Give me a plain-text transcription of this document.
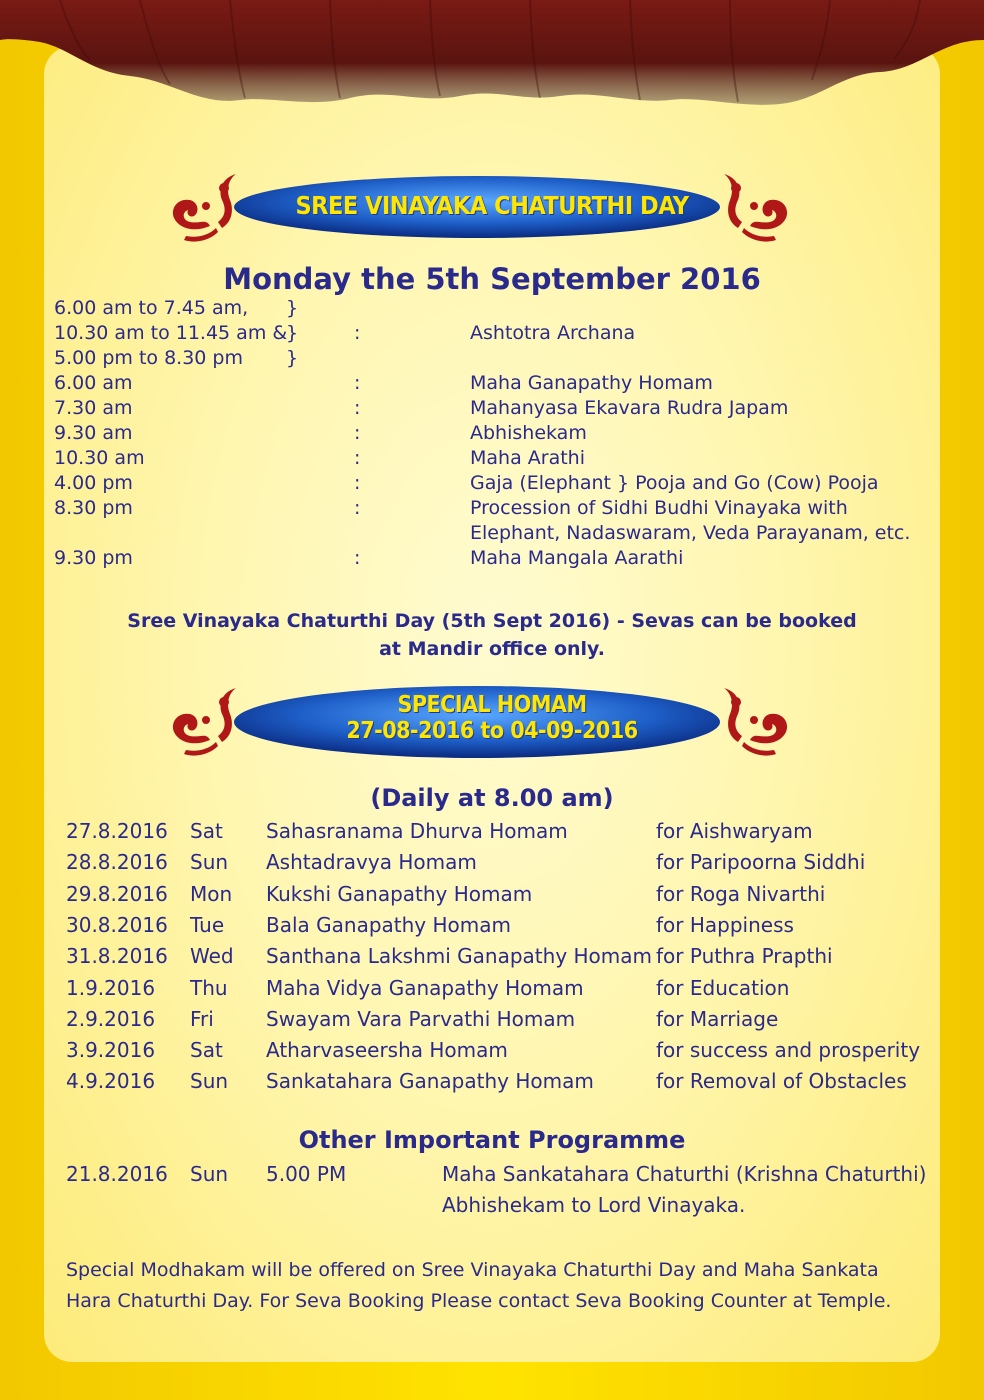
SREE VINAYAKA CHATURTHI DAY
Monday the 5th September 2016
6.00 am to 7.45 am, }
10.30 am to 11.45 am &
}	:	Ashtotra Archana
5.00 pm to 8.30 pm }
6.00 am	:	Maha Ganapathy Homam
7.30 am	:	Mahanyasa Ekavara Rudra Japam
9.30 am	:	Abhishekam
10.30 am	:	Maha Arathi
4.00 pm	:	Gaja (Elephant } Pooja and Go (Cow) Pooja
8.30 pm	:	Procession of Sidhi Budhi Vinayaka with
Elephant, Nadaswaram, Veda Parayanam, etc.
9.30 pm	:	Maha Mangala Aarathi
Sree Vinayaka Chaturthi Day (5th Sept 2016) - Sevas can be booked
at Mandir office only.
SPECIAL HOMAM
27-08-2016 to 04-09-2016
(Daily at 8.00 am)
27.8.2016 Sat Sahasranama Dhurva Homam	for Aishwaryam
28.8.2016 Sun Ashtadravya Homam	for Paripoorna Siddhi
29.8.2016 Mon Kukshi Ganapathy Homam	for Roga Nivarthi
30.8.2016 Tue Bala Ganapathy Homam	for Happiness
31.8.2016 Wed Santhana Lakshmi Ganapathy Homam for Puthra Prapthi
1.9.2016 Thu Maha Vidya Ganapathy Homam	for Education
2.9.2016 Fri	Swayam Vara Parvathi Homam	for Marriage
3.9.2016 Sat Atharvaseersha Homam	for success and prosperity
4.9.2016 Sun Sankatahara Ganapathy Homam	for Removal of Obstacles
Other Important Programme
21.8.2016 Sun 5.00 PM	Maha Sankatahara Chaturthi (Krishna Chaturthi)
Abhishekam to Lord Vinayaka.
Special Modhakam will be offered on Sree Vinayaka Chaturthi Day and Maha Sankata
Hara Chaturthi Day. For Seva Booking Please contact Seva Booking Counter at Temple.
